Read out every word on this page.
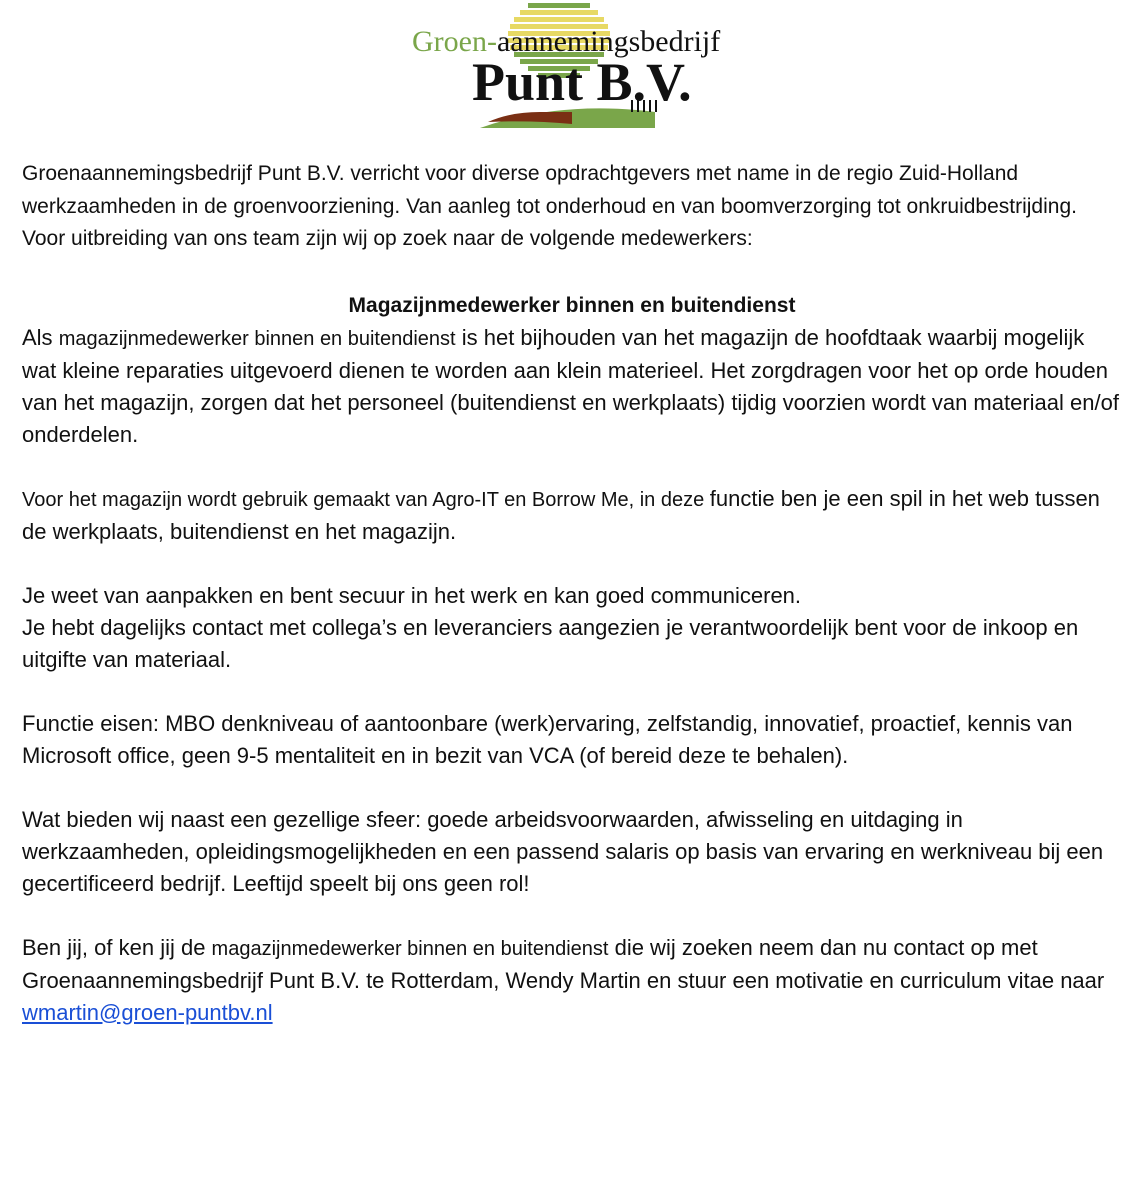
Groen-aannemingsbedrijf
Punt B.V.

Groenaannemingsbedrijf Punt B.V. verricht voor diverse opdrachtgevers met name in de regio Zuid-Holland werkzaamheden in de groenvoorziening. Van aanleg tot onderhoud en van boomverzorging tot onkruidbestrijding. Voor uitbreiding van ons team zijn wij op zoek naar de volgende medewerkers:

Magazijnmedewerker binnen en buitendienst

Als magazijnmedewerker binnen en buitendienst is het bijhouden van het magazijn de hoofdtaak waarbij mogelijk wat kleine reparaties uitgevoerd dienen te worden aan klein materieel. Het zorgdragen voor het op orde houden van het magazijn, zorgen dat het personeel (buitendienst en werkplaats) tijdig voorzien wordt van materiaal en/of onderdelen.

Voor het magazijn wordt gebruik gemaakt van Agro-IT en Borrow Me, in deze functie ben je een spil in het web tussen de werkplaats, buitendienst en het magazijn.

Je weet van aanpakken en bent secuur in het werk en kan goed communiceren.
Je hebt dagelijks contact met collega’s en leveranciers aangezien je verantwoordelijk bent voor de inkoop en uitgifte van materiaal.

Functie eisen: MBO denkniveau of aantoonbare (werk)ervaring, zelfstandig, innovatief, proactief, kennis van Microsoft office, geen 9-5 mentaliteit en in bezit van VCA (of bereid deze te behalen).

Wat bieden wij naast een gezellige sfeer: goede arbeidsvoorwaarden, afwisseling en uitdaging in werkzaamheden, opleidingsmogelijkheden en een passend salaris op basis van ervaring en werkniveau bij een gecertificeerd bedrijf. Leeftijd speelt bij ons geen rol!

Ben jij, of ken jij de magazijnmedewerker binnen en buitendienst die wij zoeken neem dan nu contact op met Groenaannemingsbedrijf Punt B.V. te Rotterdam, Wendy Martin en stuur een motivatie en curriculum vitae naar wmartin@groen-puntbv.nl
